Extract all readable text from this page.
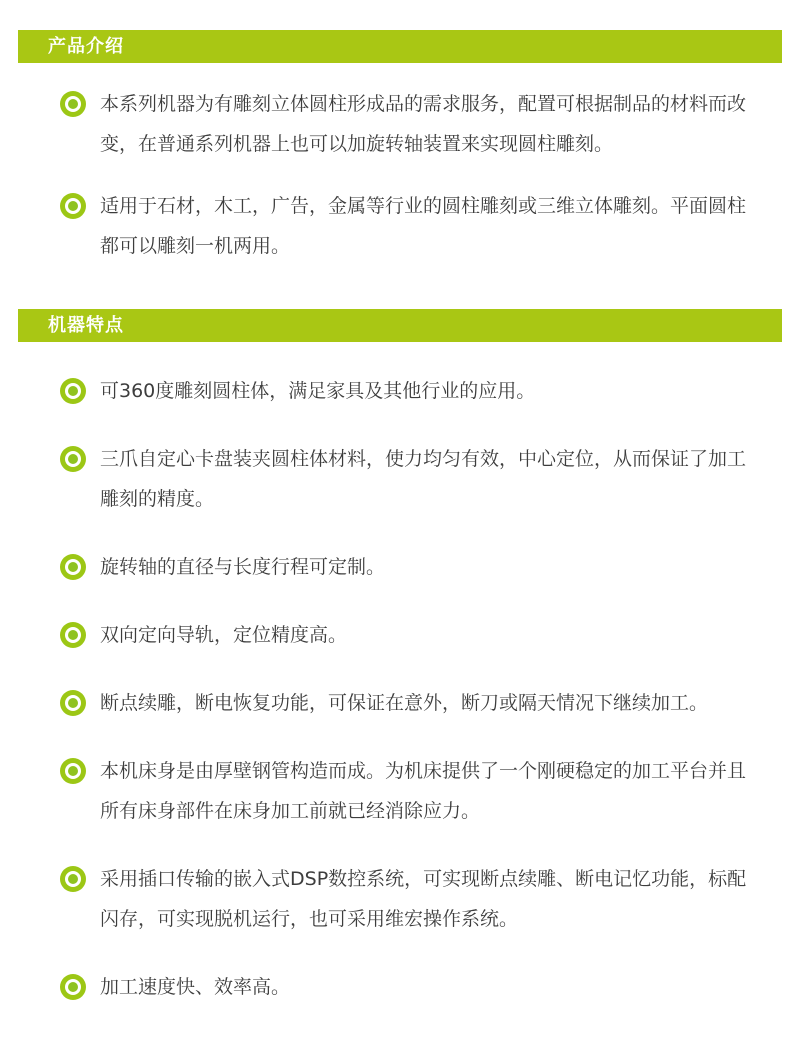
产品介绍
本系列机器为有雕刻立体圆柱形成品的需求服务，配置可根据制品的材料而改变，在普通系列机器上也可以加旋转轴装置来实现圆柱雕刻。
适用于石材，木工，广告，金属等行业的圆柱雕刻或三维立体雕刻。平面圆柱都可以雕刻一机两用。
机器特点
可360度雕刻圆柱体，满足家具及其他行业的应用。
三爪自定心卡盘装夹圆柱体材料，使力均匀有效，中心定位，从而保证了加工雕刻的精度。
旋转轴的直径与长度行程可定制。
双向定向导轨，定位精度高。
断点续雕，断电恢复功能，可保证在意外，断刀或隔天情况下继续加工。
本机床身是由厚壁钢管构造而成。为机床提供了一个刚硬稳定的加工平台并且所有床身部件在床身加工前就已经消除应力。
采用插口传输的嵌入式DSP数控系统，可实现断点续雕、断电记忆功能，标配闪存，可实现脱机运行，也可采用维宏操作系统。
加工速度快、效率高。
